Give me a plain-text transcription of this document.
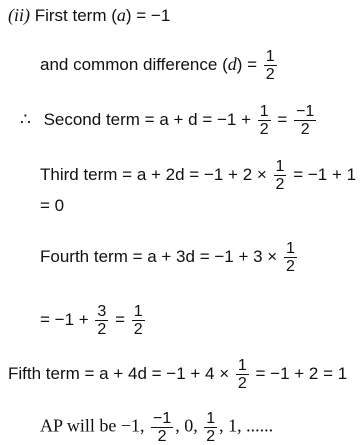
(ii) First term (a) = −1
and common difference $(d) = \frac{1}{2}$
∴ Second term = $a + d = -1 + \frac{1}{2} = \frac{-1}{2}$
Third term = $a + 2d = -1 + 2 \times \frac{1}{2} = -1 + 1$
= 0
Fourth term = $a + 3d = -1 + 3 \times \frac{1}{2}$
= $-1 + \frac{3}{2} = \frac{1}{2}$
Fifth term = $a + 4d = -1 + 4 \times \frac{1}{2} = -1 + 2 = 1$
AP will be −1, $\frac{-1}{2}$ , 0, $\frac{1}{2}$ , 1, ......
